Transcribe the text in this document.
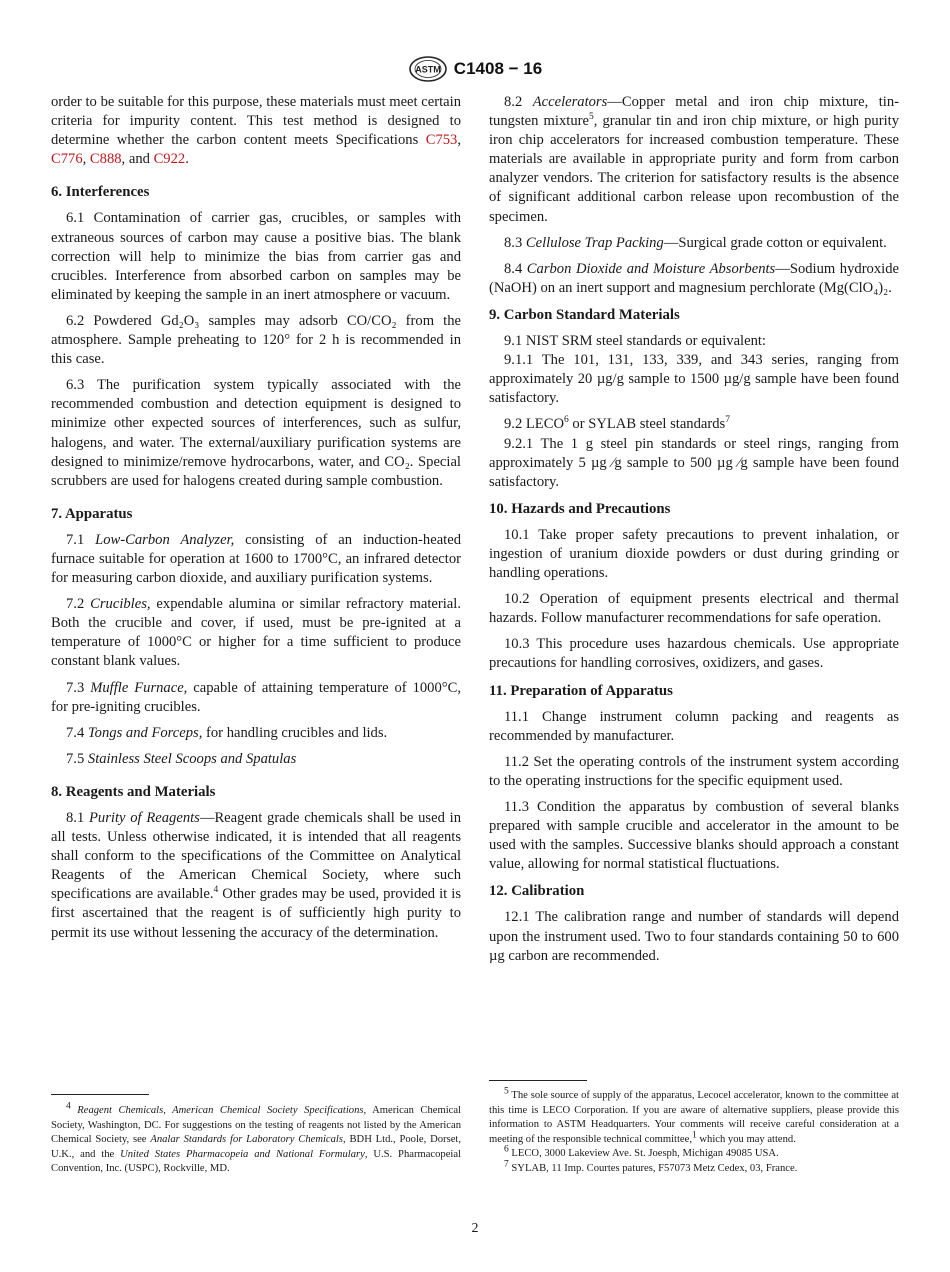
ASTM C1408 − 16

order to be suitable for this purpose, these materials must meet certain criteria for impurity content. This test method is designed to determine whether the carbon content meets Specifications C753, C776, C888, and C922.

6. Interferences

6.1 Contamination of carrier gas, crucibles, or samples with extraneous sources of carbon may cause a positive bias. The blank correction will help to minimize the bias from carrier gas and crucibles. Interference from absorbed carbon on samples may be eliminated by keeping the sample in an inert atmosphere or vacuum.

6.2 Powdered Gd₂O₃ samples may adsorb CO/CO₂ from the atmosphere. Sample preheating to 120° for 2 h is recommended in this case.

6.3 The purification system typically associated with the recommended combustion and detection equipment is designed to minimize other expected sources of interferences, such as sulfur, halogens, and water. The external/auxiliary purification systems are designed to minimize/remove hydrocarbons, water, and CO₂. Special scrubbers are used for halogens created during sample combustion.

7. Apparatus

7.1 Low-Carbon Analyzer, consisting of an induction-heated furnace suitable for operation at 1600 to 1700°C, an infrared detector for measuring carbon dioxide, and auxiliary purification systems.

7.2 Crucibles, expendable alumina or similar refractory material. Both the crucible and cover, if used, must be pre-ignited at a temperature of 1000°C or higher for a time sufficient to produce constant blank values.

7.3 Muffle Furnace, capable of attaining temperature of 1000°C, for pre-igniting crucibles.

7.4 Tongs and Forceps, for handling crucibles and lids.

7.5 Stainless Steel Scoops and Spatulas

8. Reagents and Materials

8.1 Purity of Reagents—Reagent grade chemicals shall be used in all tests. Unless otherwise indicated, it is intended that all reagents shall conform to the specifications of the Committee on Analytical Reagents of the American Chemical Society, where such specifications are available.$^4$ Other grades may be used, provided it is first ascertained that the reagent is of sufficiently high purity to permit its use without lessening the accuracy of the determination.

$^4$ Reagent Chemicals, American Chemical Society Specifications, American Chemical Society, Washington, DC. For suggestions on the testing of reagents not listed by the American Chemical Society, see Analar Standards for Laboratory Chemicals, BDH Ltd., Poole, Dorset, U.K., and the United States Pharmacopeia and National Formulary, U.S. Pharmacopeial Convention, Inc. (USPC), Rockville, MD.

8.2 Accelerators—Copper metal and iron chip mixture, tin-tungsten mixture$^5$, granular tin and iron chip mixture, or high purity iron chip accelerators for increased combustion temperature. These materials are available in appropriate purity and form from carbon analyzer vendors. The criterion for satisfactory results is the absence of significant additional carbon release upon recombustion of the specimen.

8.3 Cellulose Trap Packing—Surgical grade cotton or equivalent.

8.4 Carbon Dioxide and Moisture Absorbents—Sodium hydroxide (NaOH) on an inert support and magnesium perchlorate (Mg(ClO₄)₂.

9. Carbon Standard Materials

9.1 NIST SRM steel standards or equivalent:

9.1.1 The 101, 131, 133, 339, and 343 series, ranging from approximately 20 µg/g sample to 1500 µg/g sample have been found satisfactory.

9.2 LECO$^6$ or SYLAB steel standards$^7$

9.2.1 The 1 g steel pin standards or steel rings, ranging from approximately 5 µg ⁄g sample to 500 µg ⁄g sample have been found satisfactory.

10. Hazards and Precautions

10.1 Take proper safety precautions to prevent inhalation, or ingestion of uranium dioxide powders or dust during grinding or handling operations.

10.2 Operation of equipment presents electrical and thermal hazards. Follow manufacturer recommendations for safe operation.

10.3 This procedure uses hazardous chemicals. Use appropriate precautions for handling corrosives, oxidizers, and gases.

11. Preparation of Apparatus

11.1 Change instrument column packing and reagents as recommended by manufacturer.

11.2 Set the operating controls of the instrument system according to the operating instructions for the specific equipment used.

11.3 Condition the apparatus by combustion of several blanks prepared with sample crucible and accelerator in the amount to be used with the samples. Successive blanks should approach a constant value, allowing for normal statistical fluctuations.

12. Calibration

12.1 The calibration range and number of standards will depend upon the instrument used. Two to four standards containing 50 to 600 µg carbon are recommended.

$^5$ The sole source of supply of the apparatus, Lecocel accelerator, known to the committee at this time is LECO Corporation. If you are aware of alternative suppliers, please provide this information to ASTM Headquarters. Your comments will receive careful consideration at a meeting of the responsible technical committee,$^1$ which you may attend.

$^6$ LECO, 3000 Lakeview Ave. St. Joesph, Michigan 49085 USA.

$^7$ SYLAB, 11 Imp. Courtes patures, F57073 Metz Cedex, 03, France.

2
